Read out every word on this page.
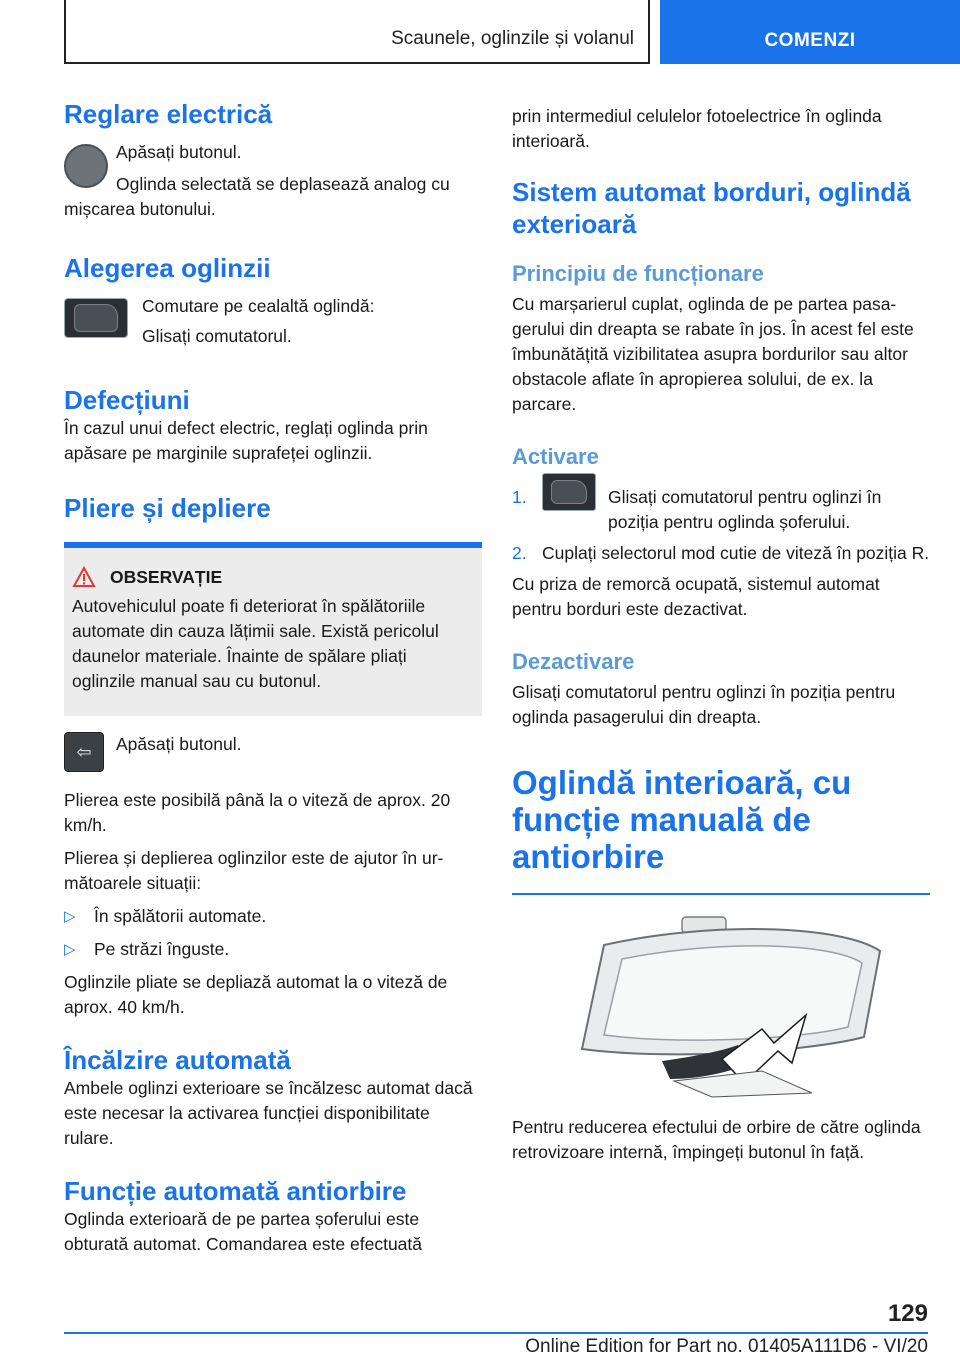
Scaunele, oglinzile și volanul	COMENZI
Reglare electrică

Apăsați butonul.

Oglinda selectată se deplasează analog cu mișcarea butonului.

Alegerea oglinzii

Comutare pe cealaltă oglindă:

Glisați comutatorul.

Defecțiuni

În cazul unui defect electric, reglați oglinda prin apăsare pe marginile suprafeței oglinzii.

Pliere și depliere
OBSERVAȚIE

Autovehiculul poate fi deteriorat în spălătoriile automate din cauza lățimii sale. Există pericolul daunelor materiale. Înainte de spălare pliați oglinzile manual sau cu butonul.

⇦	Apăsați butonul.

Plierea este posibilă până la o viteză de aprox. 20 km/h.

Plierea și deplierea oglinzilor este de ajutor în următoarele situații:

▷	În spălătorii automate.

▷	Pe străzi înguste.

Oglinzile pliate se depliază automat la o viteză de aprox. 40 km/h.

Încălzire automată

Ambele oglinzi exterioare se încălzesc automat dacă este necesar la activarea funcției disponibilitate rulare.

Funcție automată antiorbire

Oglinda exterioară de pe partea șoferului este obturată automat. Comandarea este efectuată

prin intermediul celulelor fotoelectrice în oglinda interioară.

Sistem automat borduri, oglindă exterioară
Principiu de funcționare

Cu marșarierul cuplat, oglinda de pe partea pasagerului din dreapta se rabate în jos. În acest fel este îmbunătățită vizibilitatea asupra bordurilor sau altor obstacole aflate în apropierea solului, de ex. la parcare.

Activare
1.	Glisați comutatorul pentru oglinzi în poziția pentru oglinda șoferului.

2. Cuplați selectorul mod cutie de viteză în poziția R.

Cu priza de remorcă ocupată, sistemul automat pentru borduri este dezactivat.

Dezactivare

Glisați comutatorul pentru oglinzi în poziția pentru oglinda pasagerului din dreapta.

Oglindă interioară, cu funcție manuală de antiorbire

Pentru reducerea efectului de orbire de către oglinda retrovizoare internă, împingeți butonul în față.

129
Online Edition for Part no. 01405A111D6 - VI/20
